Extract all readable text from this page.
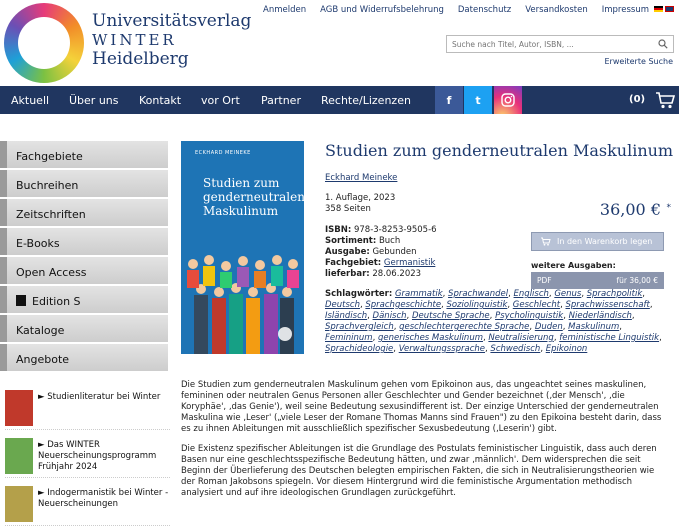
Universitätsverlag
WINTER
Heidelberg
Anmelden AGB und Widerrufsbelehrung Datenschutz Versandkosten Impressum
Suche nach Titel, Autor, ISBN, ...
Erweiterte Suche
Aktuell Über uns Kontakt vor Ort Partner Rechte/Lizenzen	f	t	(0)
Fachgebiete
Buchreihen
Zeitschriften
E-Books
Open Access
Edition S
Kataloge
Angebote
► Studienliteratur bei Winter
► Das WINTER Neuerscheinungsprogramm Frühjahr 2024
► Indogermanistik bei Winter - Neuerscheinungen
ECKHARD MEINEKE
Studien zum genderneutralen Maskulinum
Studien zum genderneutralen Maskulinum
Eckhard Meineke
1. Auflage, 2023
358 Seiten	36,00 € *
In den Warenkorb legen
ISBN: 978-3-8253-9505-6
Sortiment: Buch
Ausgabe: Gebunden
Fachgebiet: Germanistik
lieferbar: 28.06.2023
weitere Ausgaben:
PDF	für 36,00 €
Schlagwörter: Grammatik, Sprachwandel, Englisch, Genus, Sprachpolitik, Deutsch, Sprachgeschichte, Soziolinguistik, Geschlecht, Sprachwissenschaft, Isländisch, Dänisch, Deutsche Sprache, Psycholinguistik, Niederländisch, Sprachvergleich, geschlechtergerechte Sprache, Duden, Maskulinum, Femininum, generisches Maskulinum, Neutralisierung, feministische Linguistik, Sprachideologie, Verwaltungssprache, Schwedisch, Epikoinon

Die Studien zum genderneutralen Maskulinum gehen vom Epikoinon aus, das ungeachtet seines maskulinen, femininen oder neutralen Genus Personen aller Geschlechter und Gender bezeichnet (‚der Mensch', ‚die Koryphäe', ‚das Genie'), weil seine Bedeutung sexusindifferent ist. Der einzige Unterschied der genderneutralen Maskulina wie ‚Leser' („viele Leser der Romane Thomas Manns sind Frauen") zu den Epikoina besteht darin, dass es zu ihnen Ableitungen mit ausschließlich spezifischer Sexusbedeutung (‚Leserin') gibt.

Die Existenz spezifischer Ableitungen ist die Grundlage des Postulats feministischer Linguistik, dass auch deren Basen nur eine geschlechtsspezifische Bedeutung hätten, und zwar ‚männlich'. Dem widersprechen die seit Beginn der Überlieferung des Deutschen belegten empirischen Fakten, die sich in Neutralisierungstheorien wie der Roman Jakobsons spiegeln. Vor diesem Hintergrund wird die feministische Argumentation methodisch analysiert und auf ihre ideologischen Grundlagen zurückgeführt.
